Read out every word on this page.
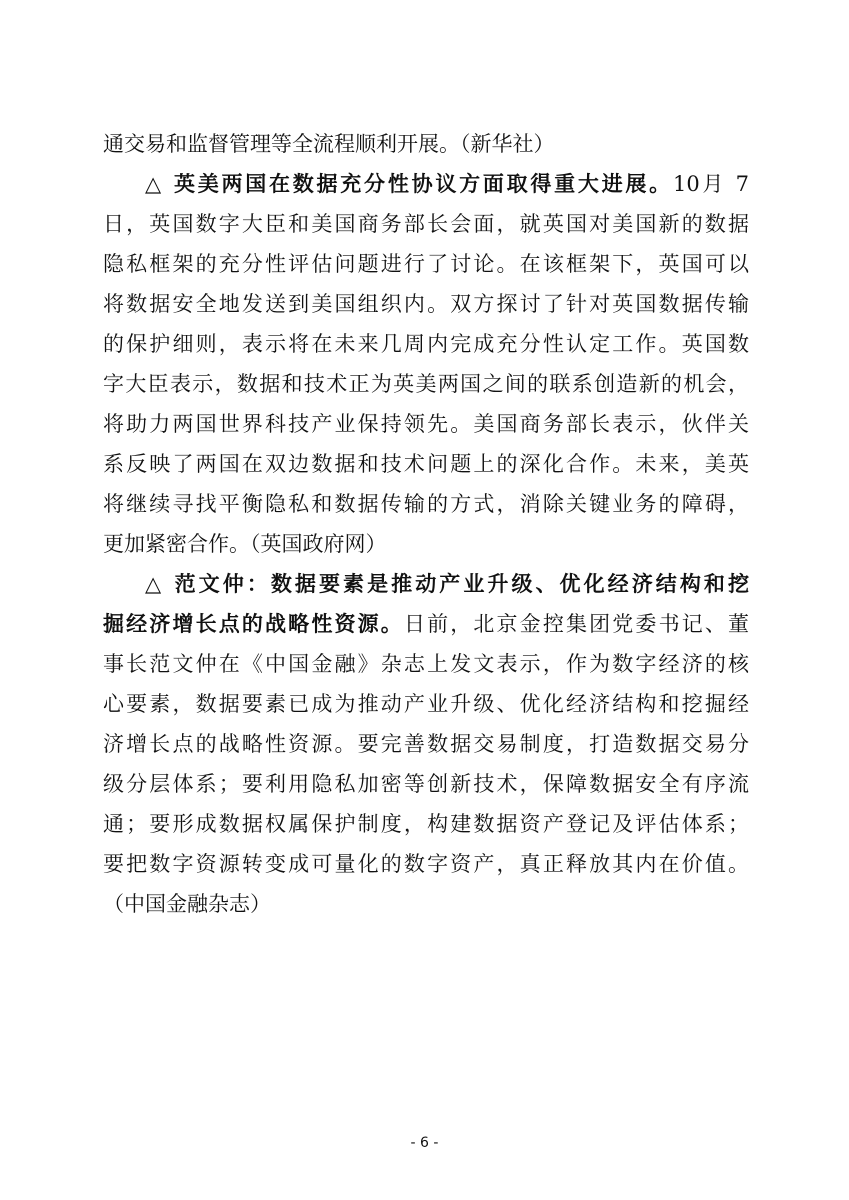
通交易和监督管理等全流程顺利开展。（新华社）
△ 英美两国在数据充分性协议方面取得重大进展。10月 7
日，英国数字大臣和美国商务部长会面，就英国对美国新的数据
隐私框架的充分性评估问题进行了讨论。在该框架下，英国可以
将数据安全地发送到美国组织内。双方探讨了针对英国数据传输
的保护细则，表示将在未来几周内完成充分性认定工作。英国数
字大臣表示，数据和技术正为英美两国之间的联系创造新的机会，
将助力两国世界科技产业保持领先。美国商务部长表示，伙伴关
系反映了两国在双边数据和技术问题上的深化合作。未来，美英
将继续寻找平衡隐私和数据传输的方式，消除关键业务的障碍，
更加紧密合作。（英国政府网）
△ 范文仲：数据要素是推动产业升级、优化经济结构和挖
掘经济增长点的战略性资源。日前，北京金控集团党委书记、董
事长范文仲在《中国金融》杂志上发文表示，作为数字经济的核
心要素，数据要素已成为推动产业升级、优化经济结构和挖掘经
济增长点的战略性资源。要完善数据交易制度，打造数据交易分
级分层体系；要利用隐私加密等创新技术，保障数据安全有序流
通；要形成数据权属保护制度，构建数据资产登记及评估体系；
要把数字资源转变成可量化的数字资产，真正释放其内在价值。
（中国金融杂志）
- 6 -
